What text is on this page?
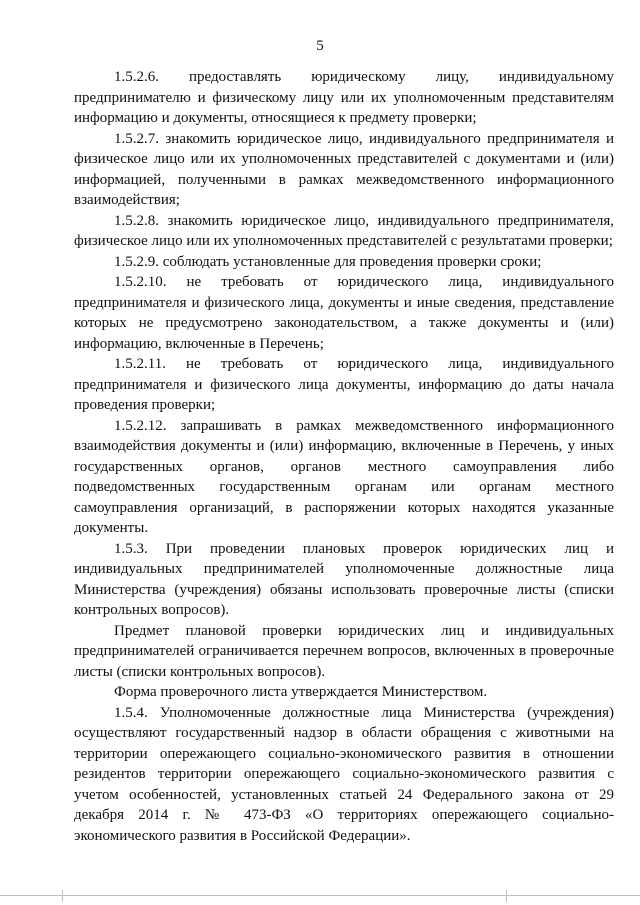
5

1.5.2.6. предоставлять юридическому лицу, индивидуальному предпринимателю и физическому лицу или их уполномоченным представителям информацию и документы, относящиеся к предмету проверки;

1.5.2.7. знакомить юридическое лицо, индивидуального предпринимателя и физическое лицо или их уполномоченных представителей с документами и (или) информацией, полученными в рамках межведомственного информационного взаимодействия;

1.5.2.8. знакомить юридическое лицо, индивидуального предпринимателя, физическое лицо или их уполномоченных представителей с результатами проверки;

1.5.2.9. соблюдать установленные для проведения проверки сроки;

1.5.2.10. не требовать от юридического лица, индивидуального предпринимателя и физического лица, документы и иные сведения, представление которых не предусмотрено законодательством, а также документы и (или) информацию, включенные в Перечень;

1.5.2.11. не требовать от юридического лица, индивидуального предпринимателя и физического лица документы, информацию до даты начала проведения проверки;

1.5.2.12. запрашивать в рамках межведомственного информационного взаимодействия документы и (или) информацию, включенные в Перечень, у иных государственных органов, органов местного самоуправления либо подведомственных государственным органам или органам местного самоуправления организаций, в распоряжении которых находятся указанные документы.

1.5.3. При проведении плановых проверок юридических лиц и индивидуальных предпринимателей уполномоченные должностные лица Министерства (учреждения) обязаны использовать проверочные листы (списки контрольных вопросов).

Предмет плановой проверки юридических лиц и индивидуальных предпринимателей ограничивается перечнем вопросов, включенных в проверочные листы (списки контрольных вопросов).

Форма проверочного листа утверждается Министерством.

1.5.4. Уполномоченные должностные лица Министерства (учреждения) осуществляют государственный надзор в области обращения с животными на территории опережающего социально-экономического развития в отношении резидентов территории опережающего социально-экономического развития с учетом особенностей, установленных статьей 24 Федерального закона от 29 декабря 2014 г. № 473-ФЗ «О территориях опережающего социально-экономического развития в Российской Федерации».
